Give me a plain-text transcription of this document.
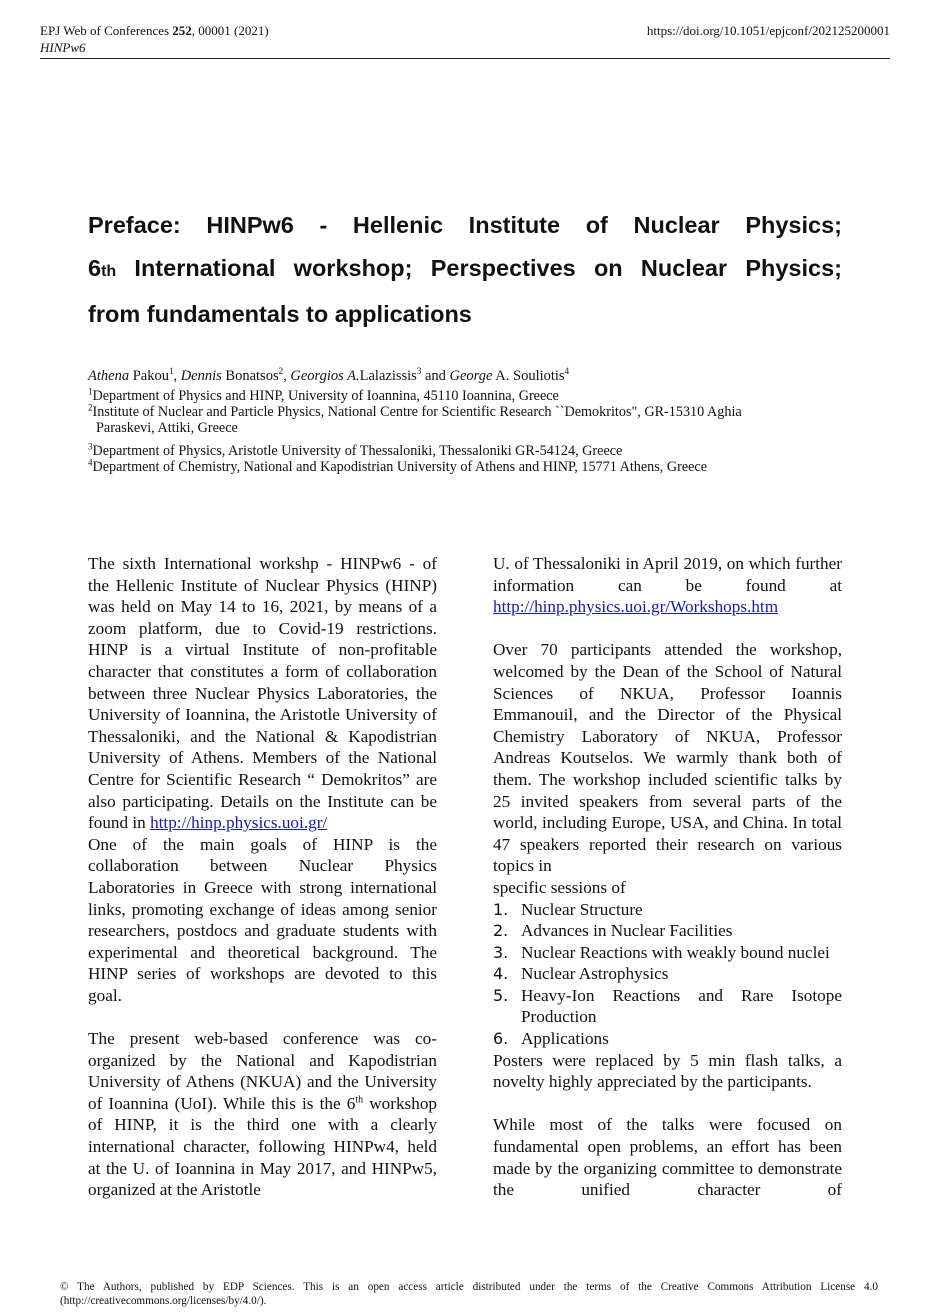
EPJ Web of Conferences 252, 00001 (2021)
HINPw6
https://doi.org/10.1051/epjconf/202125200001
Preface: HINPw6 - Hellenic Institute of Nuclear Physics;
6th International workshop; Perspectives on Nuclear Physics;
from fundamentals to applications
Athena Pakou$^1$, Dennis Bonatsos$^2$, Georgios A.Lalazissis$^3$ and George A. Souliotis$^4$
$^1$Department of Physics and HINP, University of Ioannina, 45110 Ioannina, Greece
$^2$Institute of Nuclear and Particle Physics, National Centre for Scientific Research ``Demokritos", GR-15310 Aghia
Paraskevi, Attiki, Greece
$^3$Department of Physics, Aristotle University of Thessaloniki, Thessaloniki GR-54124, Greece
$^4$Department of Chemistry, National and Kapodistrian University of Athens and HINP, 15771 Athens, Greece

The sixth International workshp - HINPw6 - of the Hellenic Institute of Nuclear Physics (HINP) was held on May 14 to 16, 2021, by means of a zoom platform, due to Covid-19 restrictions. HINP is a virtual Institute of non-profitable character that constitutes a form of collaboration between three Nuclear Physics Laboratories, the University of Ioannina, the Aristotle University of Thessaloniki, and the National & Kapodistrian University of Athens. Members of the National Centre for Scientific Research “ Demokritos” are also participating. Details on the Institute can be found in http://hinp.physics.uoi.gr/

One of the main goals of HINP is the collaboration between Nuclear Physics Laboratories in Greece with strong international links, promoting exchange of ideas among senior researchers, postdocs and graduate students with experimental and theoretical background. The HINP series of workshops are devoted to this goal.

The present web-based conference was co-organized by the National and Kapodistrian University of Athens (NKUA) and the University of Ioannina (UoI). While this is the 6th workshop of HINP, it is the third one with a clearly international character, following HINPw4, held at the U. of Ioannina in May 2017, and HINPw5, organized at the Aristotle

U. of Thessaloniki in April 2019, on which further information can be found at http://hinp.physics.uoi.gr/Workshops.htm

Over 70 participants attended the workshop, welcomed by the Dean of the School of Natural Sciences of NKUA, Professor Ioannis Emmanouil, and the Director of the Physical Chemistry Laboratory of NKUA, Professor Andreas Koutselos. We warmly thank both of them. The workshop included scientific talks by 25 invited speakers from several parts of the world, including Europe, USA, and China. In total 47 speakers reported their research on various topics in

specific sessions of

1. Nuclear Structure
2. Advances in Nuclear Facilities
3. Nuclear Reactions with weakly bound nuclei
4. Nuclear Astrophysics
5. Heavy-Ion Reactions and Rare Isotope Production
6. Applications

Posters were replaced by 5 min flash talks, a novelty highly appreciated by the participants.

While most of the talks were focused on fundamental open problems, an effort has been made by the organizing committee to demonstrate the unified character of

© The Authors, published by EDP Sciences. This is an open access article distributed under the terms of the Creative Commons Attribution License 4.0 (http://creativecommons.org/licenses/by/4.0/).
